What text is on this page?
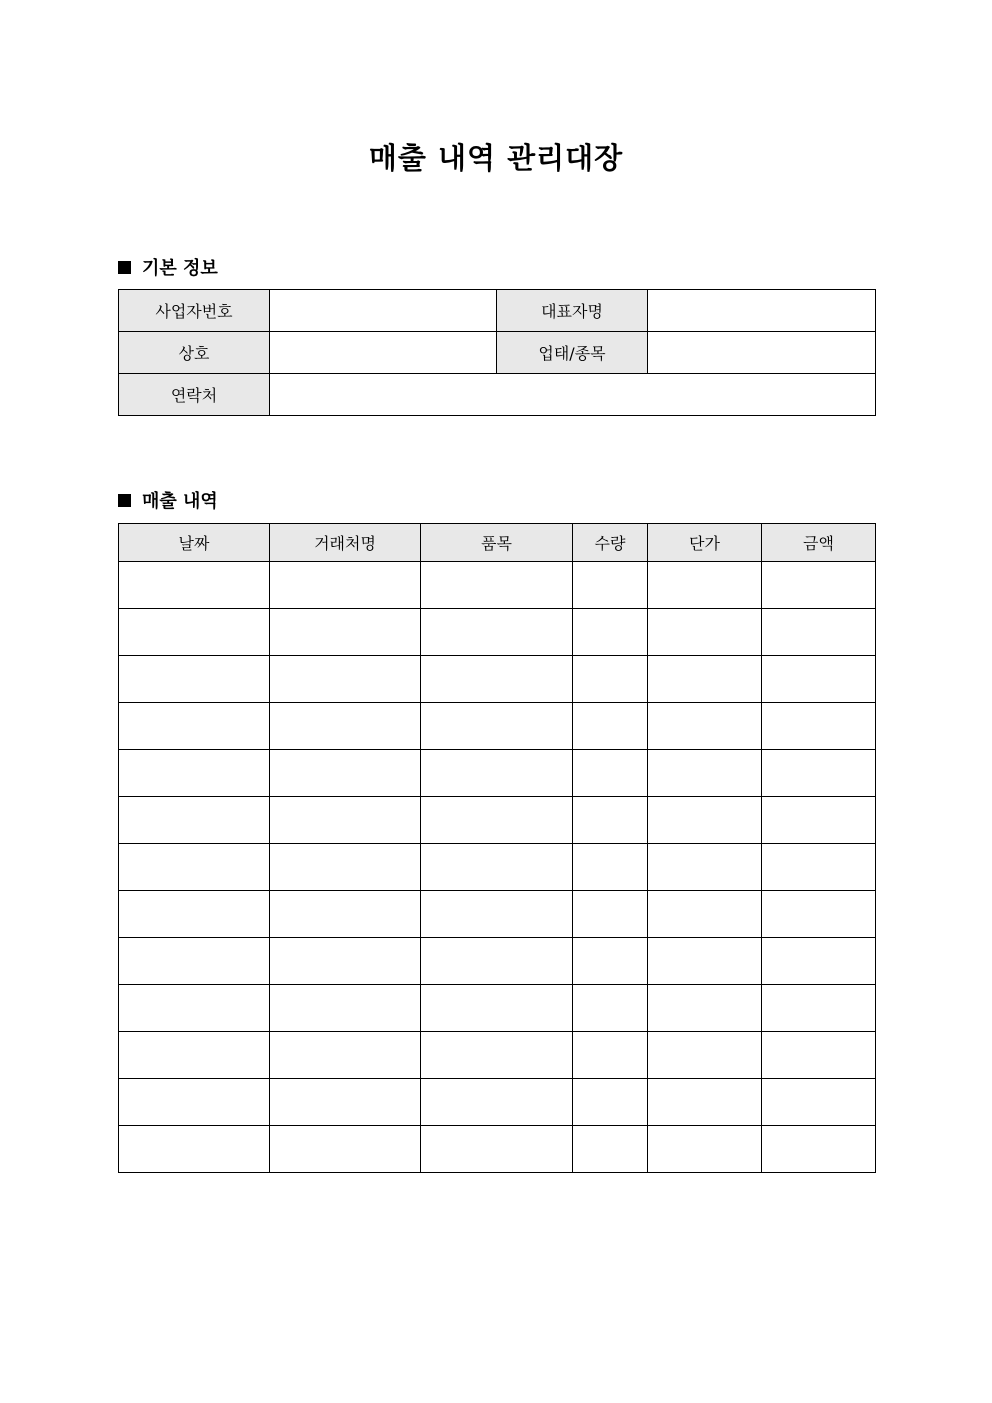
매출 내역 관리대장
기본 정보
사업자번호		대표자명	
상호		업태/종목	
연락처			
매출 내역
날짜	거래처명	품목	수량	단가	금액
